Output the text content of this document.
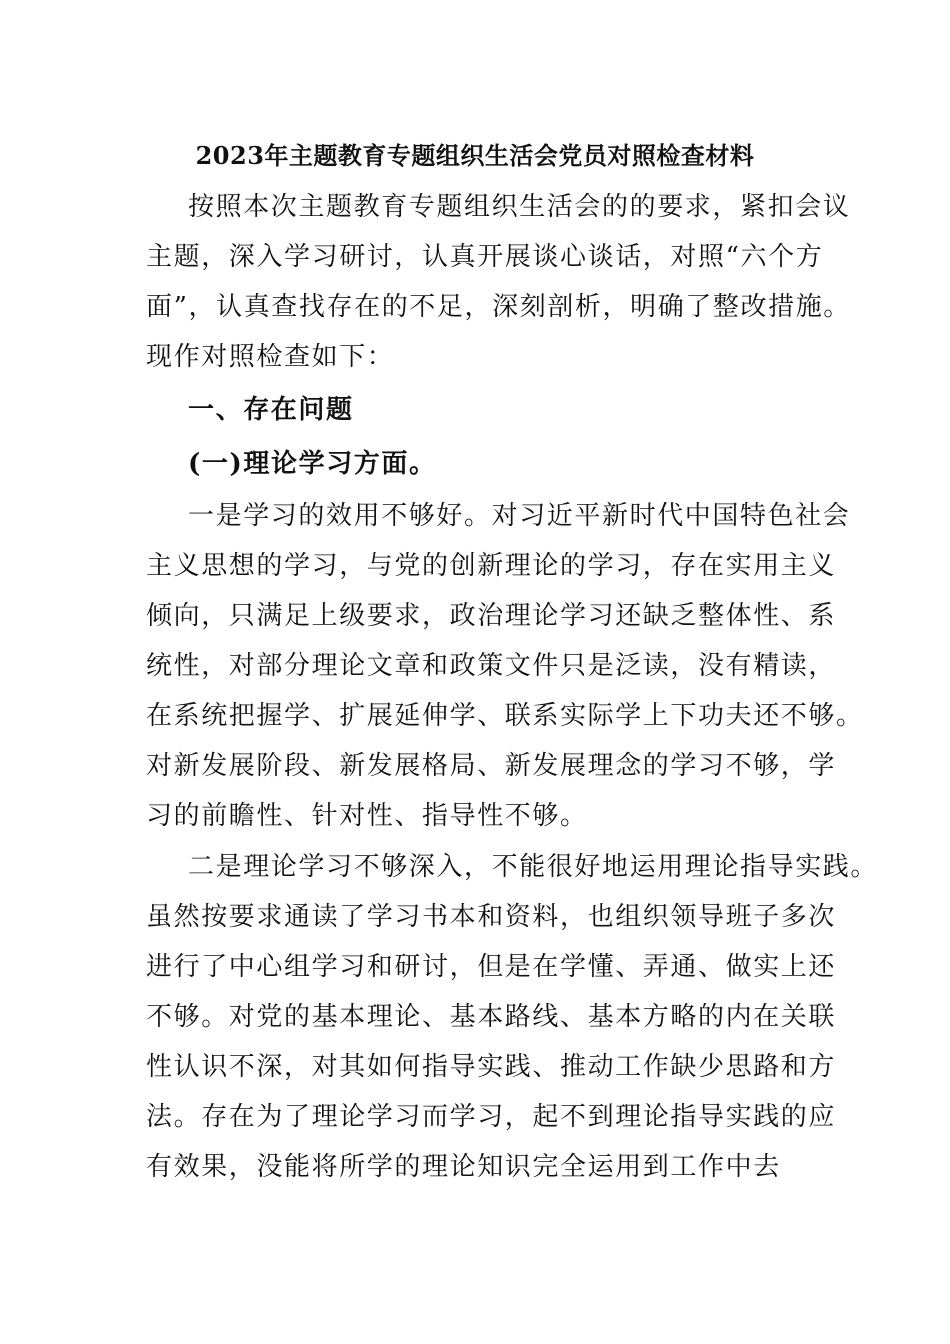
2023年主题教育专题组织生活会党员对照检查材料
按照本次主题教育专题组织生活会的的要求，紧扣会议
主题，深入学习研讨，认真开展谈心谈话，对照“六个方
面”，认真查找存在的不足，深刻剖析，明确了整改措施。
现作对照检查如下：
一、存在问题
(一)理论学习方面。
一是学习的效用不够好。对习近平新时代中国特色社会
主义思想的学习，与党的创新理论的学习，存在实用主义
倾向，只满足上级要求，政治理论学习还缺乏整体性、系
统性，对部分理论文章和政策文件只是泛读，没有精读，
在系统把握学、扩展延伸学、联系实际学上下功夫还不够。
对新发展阶段、新发展格局、新发展理念的学习不够，学
习的前瞻性、针对性、指导性不够。
二是理论学习不够深入，不能很好地运用理论指导实践。
虽然按要求通读了学习书本和资料，也组织领导班子多次
进行了中心组学习和研讨，但是在学懂、弄通、做实上还
不够。对党的基本理论、基本路线、基本方略的内在关联
性认识不深，对其如何指导实践、推动工作缺少思路和方
法。存在为了理论学习而学习，起不到理论指导实践的应
有效果，没能将所学的理论知识完全运用到工作中去
